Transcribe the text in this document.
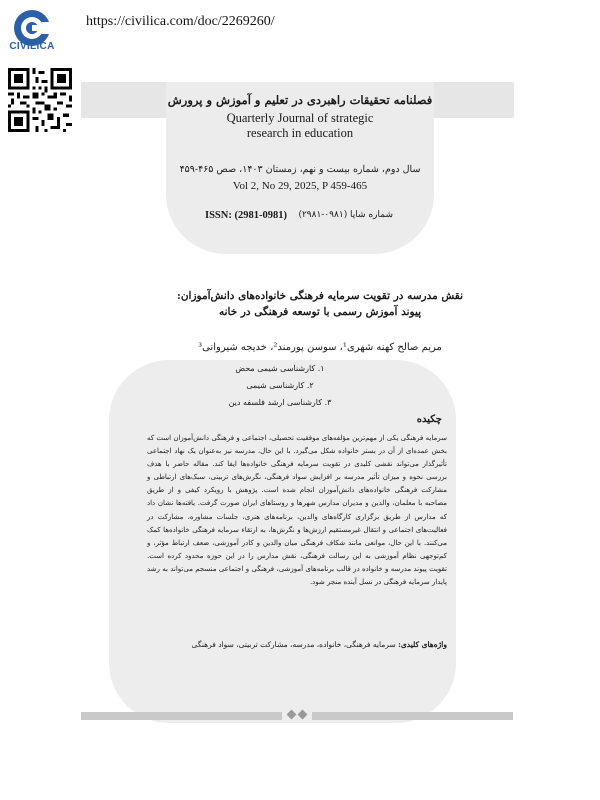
CIVILICA
https://civilica.com/doc/2269260/
فصلنامه تحقیقات راهبردی در تعلیم و آموزش و پرورش
Quarterly Journal of strategic
research in education
سال دوم، شماره بیست و نهم، زمستان ۱۴۰۳، صص ۴۶۵-۴۵۹
Vol 2, No 29, 2025, P 459-465
ISSN: (2981-0981) شماره شاپا (۰۹۸۱-۲۹۸۱)
نقش مدرسه در تقویت سرمایه فرهنگی خانواده‌های دانش‌آموزان:
پیوند آموزش رسمی با توسعه فرهنگی در خانه
مریم صالح کهنه شهری¹، سوسن پورمند²، خدیجه شیروانی³
۱. کارشناسی شیمی محض
۲. کارشناسی شیمی
۳. کارشناسی ارشد فلسفه دین
چکیده
سرمایه فرهنگی یکی از مهم‌ترین مؤلفه‌های موفقیت تحصیلی، اجتماعی و فرهنگی دانش‌آموزان است که بخش عمده‌ای از آن در بستر خانواده شکل می‌گیرد. با این حال، مدرسه نیز به‌عنوان یک نهاد اجتماعی تأثیرگذار می‌تواند نقشی کلیدی در تقویت سرمایه فرهنگی خانواده‌ها ایفا کند. مقاله حاضر با هدف بررسی نحوه و میزان تأثیر مدرسه بر افزایش سواد فرهنگی، نگرش‌های تربیتی، سبک‌های ارتباطی و مشارکت فرهنگی خانواده‌های دانش‌آموزان انجام شده است. پژوهش با رویکرد کیفی و از طریق مصاحبه با معلمان، والدین و مدیران مدارس شهرها و روستاهای ایران صورت گرفت. یافته‌ها نشان داد که مدارس از طریق برگزاری کارگاه‌های والدین، برنامه‌های هنری، جلسات مشاوره، مشارکت در فعالیت‌های اجتماعی و انتقال غیرمستقیم ارزش‌ها و نگرش‌ها، به ارتقاء سرمایه فرهنگی خانواده‌ها کمک می‌کنند. با این حال، موانعی مانند شکاف فرهنگی میان والدین و کادر آموزشی، ضعف ارتباط مؤثر، و کم‌توجهی نظام آموزشی به این رسالت فرهنگی، نقش مدارس را در این حوزه محدود کرده است. تقویت پیوند مدرسه و خانواده در قالب برنامه‌های آموزشی، فرهنگی و اجتماعی منسجم می‌تواند به رشد پایدار سرمایه فرهنگی در نسل آینده منجر شود.
واژه‌های کلیدی: سرمایه فرهنگی، خانواده، مدرسه، مشارکت تربیتی، سواد فرهنگی
